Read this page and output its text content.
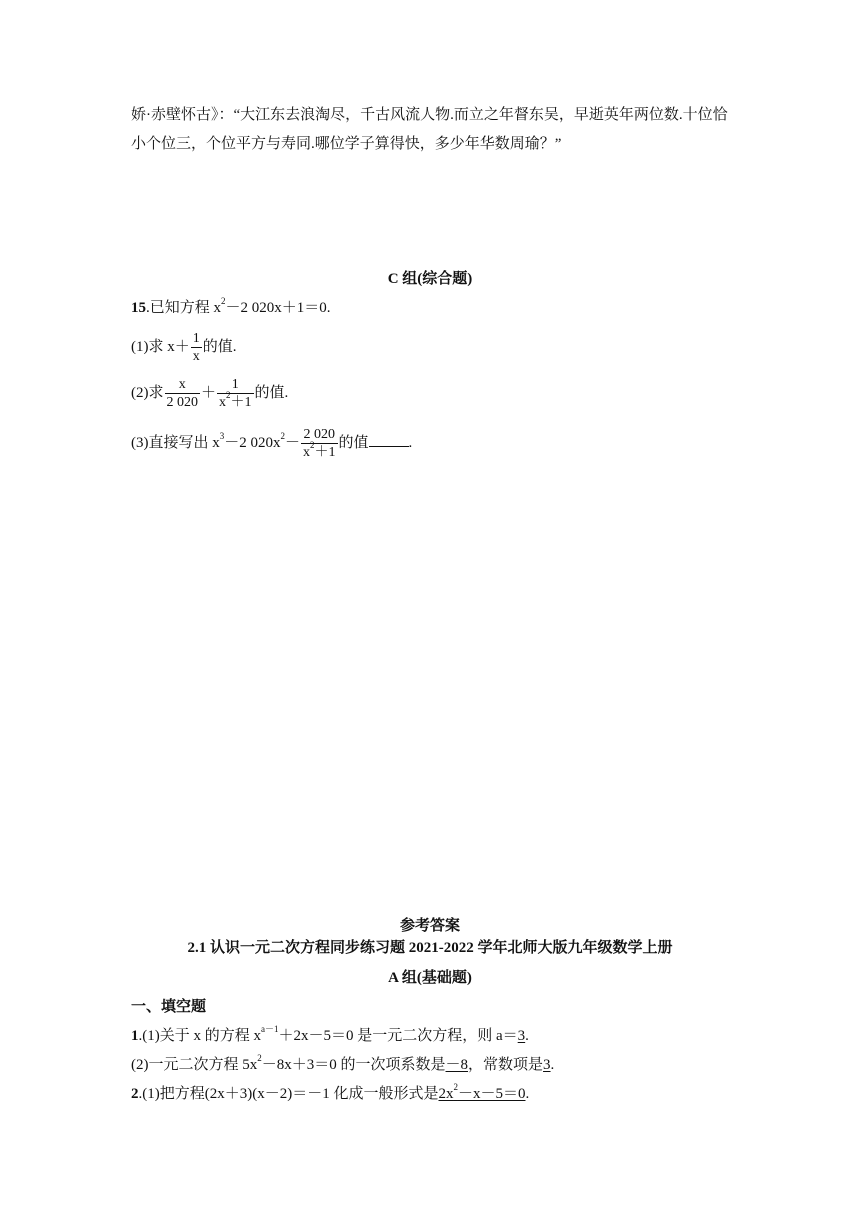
娇·赤壁怀古》：“大江东去浪淘尽，千古风流人物.而立之年督东吴，早逝英年两位数.十位恰
小个位三，个位平方与寿同.哪位学子算得快，多少年华数周瑜？”
C 组(综合题)
15.已知方程 $x^2-2$ 020x＋1＝0.
(1)求 $x+ \frac{1}{x}$ 的值.
(2)求 $\frac{x}{2 020} + \frac{1}{x^2+1}$ 的值.
(3)直接写出 $x^3-2$ $020x^2- \frac{2 020}{x^2+1}$ 的值	.
参考答案
2.1 认识一元二次方程同步练习题 2021-2022 学年北师大版九年级数学上册
A 组(基础题)
一、填空题
1.(1)关于 x 的方程 $x^{a-1}+2x-5=0$ 是一元二次方程，则 a＝3.
(2)一元二次方程 $5x^2-8x+3=0$ 的一次项系数是－8，常数项是3.
2.(1)把方程(2x＋3)(x－2)＝－1 化成一般形式是$2x^2-x-5=0$.
